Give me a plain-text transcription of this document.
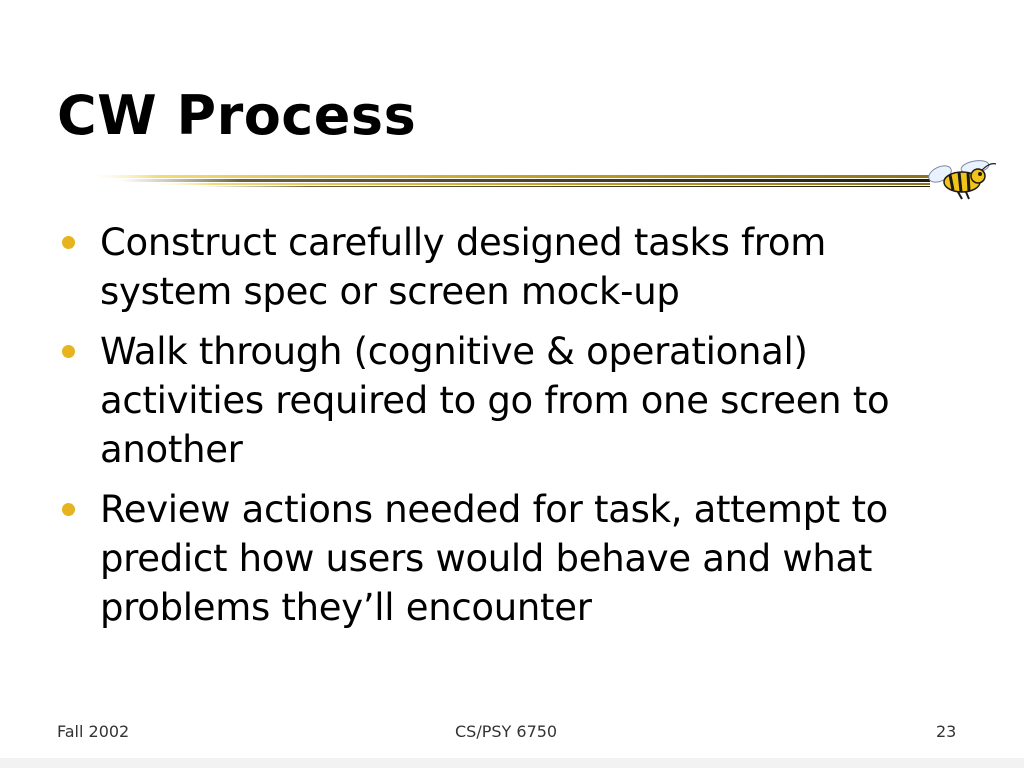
CW Process
Construct carefully designed tasks from system spec or screen mock-up
Walk through (cognitive & operational) activities required to go from one screen to another
Review actions needed for task, attempt to predict how users would behave and what problems they’ll encounter
Fall 2002	CS/PSY 6750	23
